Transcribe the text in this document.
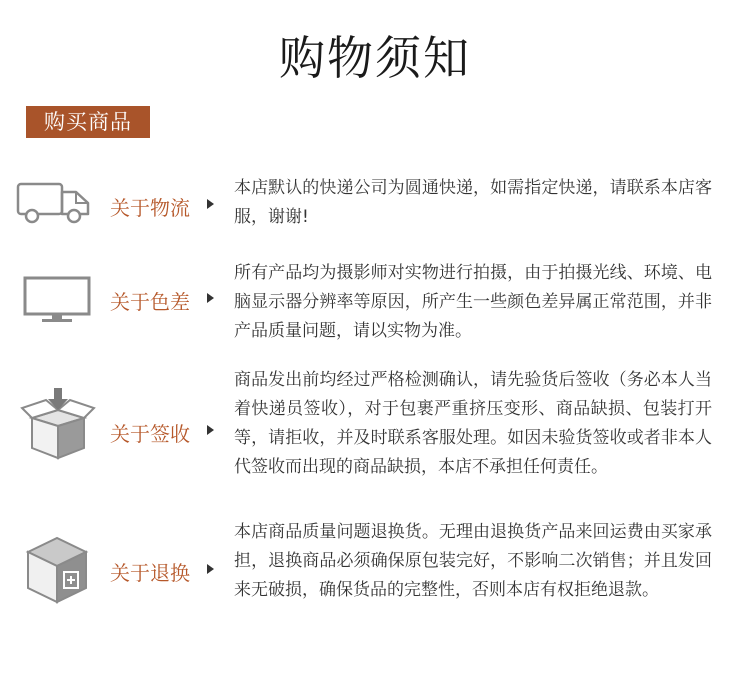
购物须知
购买商品
关于物流
本店默认的快递公司为圆通快递，如需指定快递，请联系本店客服，谢谢!
关于色差
所有产品均为摄影师对实物进行拍摄，由于拍摄光线、环境、电脑显示器分辨率等原因，所产生一些颜色差异属正常范围，并非产品质量问题，请以实物为准。
关于签收
商品发出前均经过严格检测确认，请先验货后签收（务必本人当着快递员签收），对于包裹严重挤压变形、商品缺损、包装打开等，请拒收，并及时联系客服处理。如因未验货签收或者非本人代签收而出现的商品缺损，本店不承担任何责任。
关于退换
本店商品质量问题退换货。无理由退换货产品来回运费由买家承担，退换商品必须确保原包装完好，不影响二次销售；并且发回来无破损，确保货品的完整性，否则本店有权拒绝退款。
